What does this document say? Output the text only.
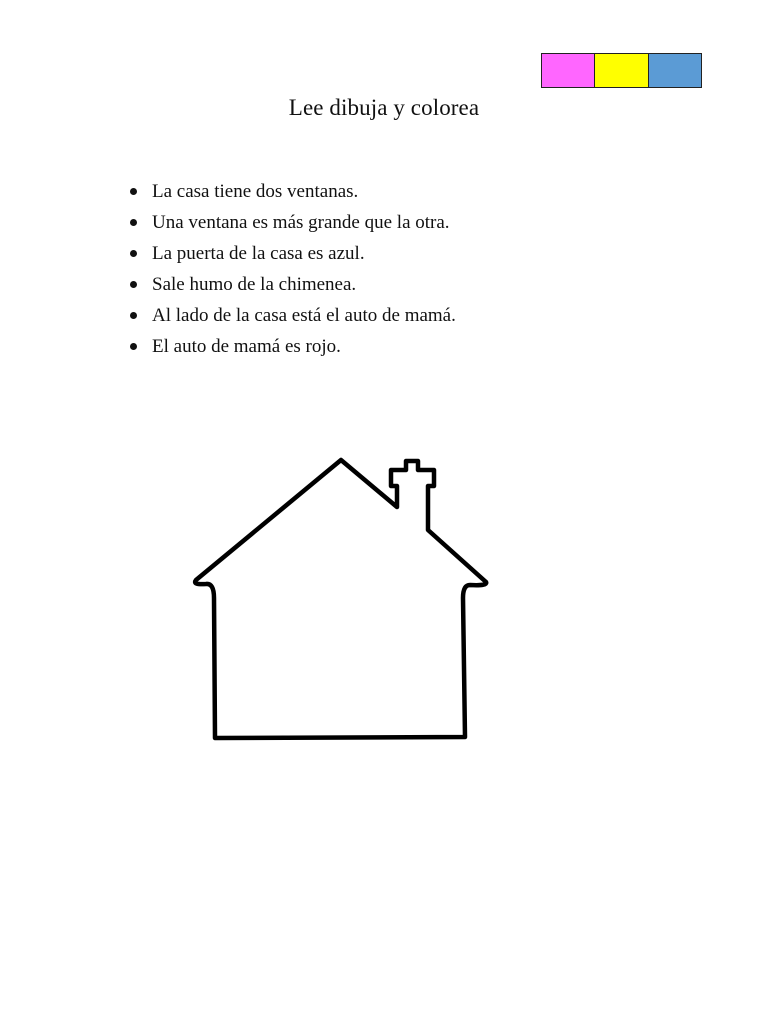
Lee dibuja y colorea
La casa tiene dos ventanas.
Una ventana es más grande que la otra.
La puerta de la casa es azul.
Sale humo de la chimenea.
Al lado de la casa está el auto de mamá.
El auto de mamá es rojo.
